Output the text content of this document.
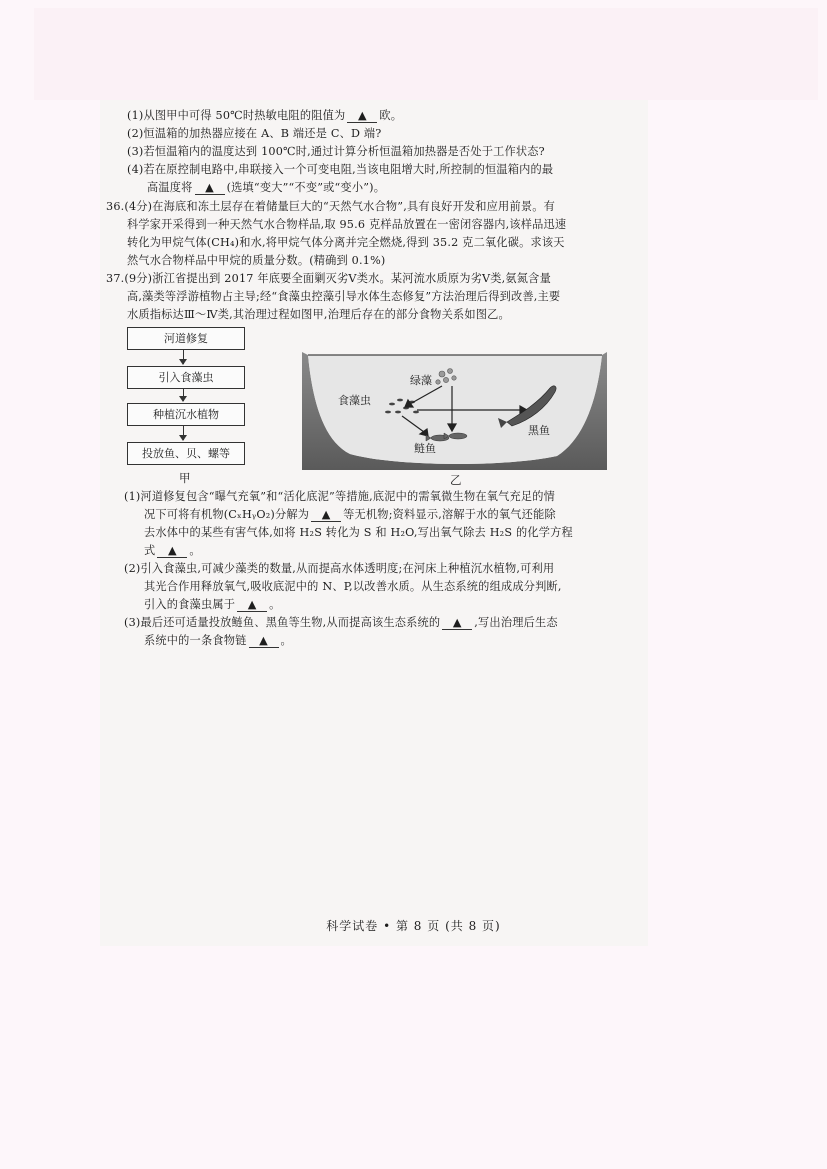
(1)从图甲中可得 50℃时热敏电阻的阻值为 ▲ 欧。
(2)恒温箱的加热器应接在 A、B 端还是 C、D 端?
(3)若恒温箱内的温度达到 100℃时,通过计算分析恒温箱加热器是否处于工作状态?
(4)若在原控制电路中,串联接入一个可变电阻,当该电阻增大时,所控制的恒温箱内的最
高温度将 ▲ (选填“变大”“不变”或“变小”)。
36.(4分)在海底和冻土层存在着储量巨大的“天然气水合物”,具有良好开发和应用前景。有
科学家开采得到一种天然气水合物样品,取 95.6 克样品放置在一密闭容器内,该样品迅速
转化为甲烷气体(CH₄)和水,将甲烷气体分离并完全燃烧,得到 35.2 克二氧化碳。求该天
然气水合物样品中甲烷的质量分数。(精确到 0.1%)
37.(9分)浙江省提出到 2017 年底要全面剿灭劣Ⅴ类水。某河流水质原为劣Ⅴ类,氨氮含量
高,藻类等浮游植物占主导;经“食藻虫控藻引导水体生态修复”方法治理后得到改善,主要
水质指标达Ⅲ～Ⅳ类,其治理过程如图甲,治理后存在的部分食物关系如图乙。
河道修复
引入食藻虫
种植沉水植物
投放鱼、贝、螺等
甲
绿藻
食藻虫
黑鱼
鲢鱼
乙
(1)河道修复包含“曝气充氧”和“活化底泥”等措施,底泥中的需氧微生物在氧气充足的情
况下可将有机物(CₓHᵧO₂)分解为 ▲ 等无机物;资料显示,溶解于水的氧气还能除
去水体中的某些有害气体,如将 H₂S 转化为 S 和 H₂O,写出氧气除去 H₂S 的化学方程
式 ▲ 。
(2)引入食藻虫,可减少藻类的数量,从而提高水体透明度;在河床上种植沉水植物,可利用
其光合作用释放氧气,吸收底泥中的 N、P,以改善水质。从生态系统的组成成分判断,
引入的食藻虫属于 ▲ 。
(3)最后还可适量投放鲢鱼、黑鱼等生物,从而提高该生态系统的 ▲ ,写出治理后生态
系统中的一条食物链 ▲ 。
科学试卷 • 第 8 页 (共 8 页)
